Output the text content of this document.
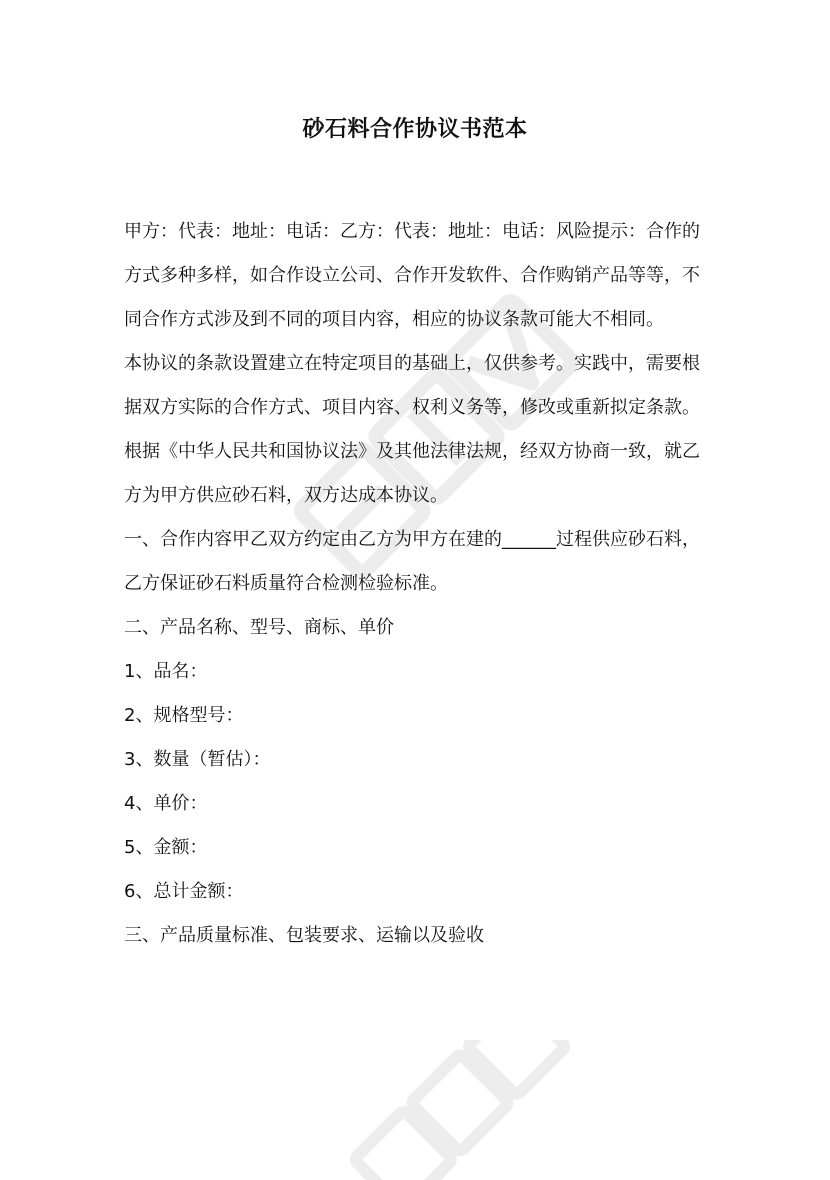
砂石料合作协议书范本

甲方：代表：地址：电话：乙方：代表：地址：电话：风险提示：合作的方式多种多样，如合作设立公司、合作开发软件、合作购销产品等等，不同合作方式涉及到不同的项目内容，相应的协议条款可能大不相同。

本协议的条款设置建立在特定项目的基础上，仅供参考。实践中，需要根据双方实际的合作方式、项目内容、权利义务等，修改或重新拟定条款。 根据《中华人民共和国协议法》及其他法律法规，经双方协商一致，就乙方为甲方供应砂石料，双方达成本协议。

一、合作内容甲乙双方约定由乙方为甲方在建的______过程供应砂石料，乙方保证砂石料质量符合检测检验标准。

二、产品名称、型号、商标、单价

1、品名：

2、规格型号：

3、数量（暂估）：

4、单价：

5、金额：

6、总计金额：

三、产品质量标准、包装要求、运输以及验收
